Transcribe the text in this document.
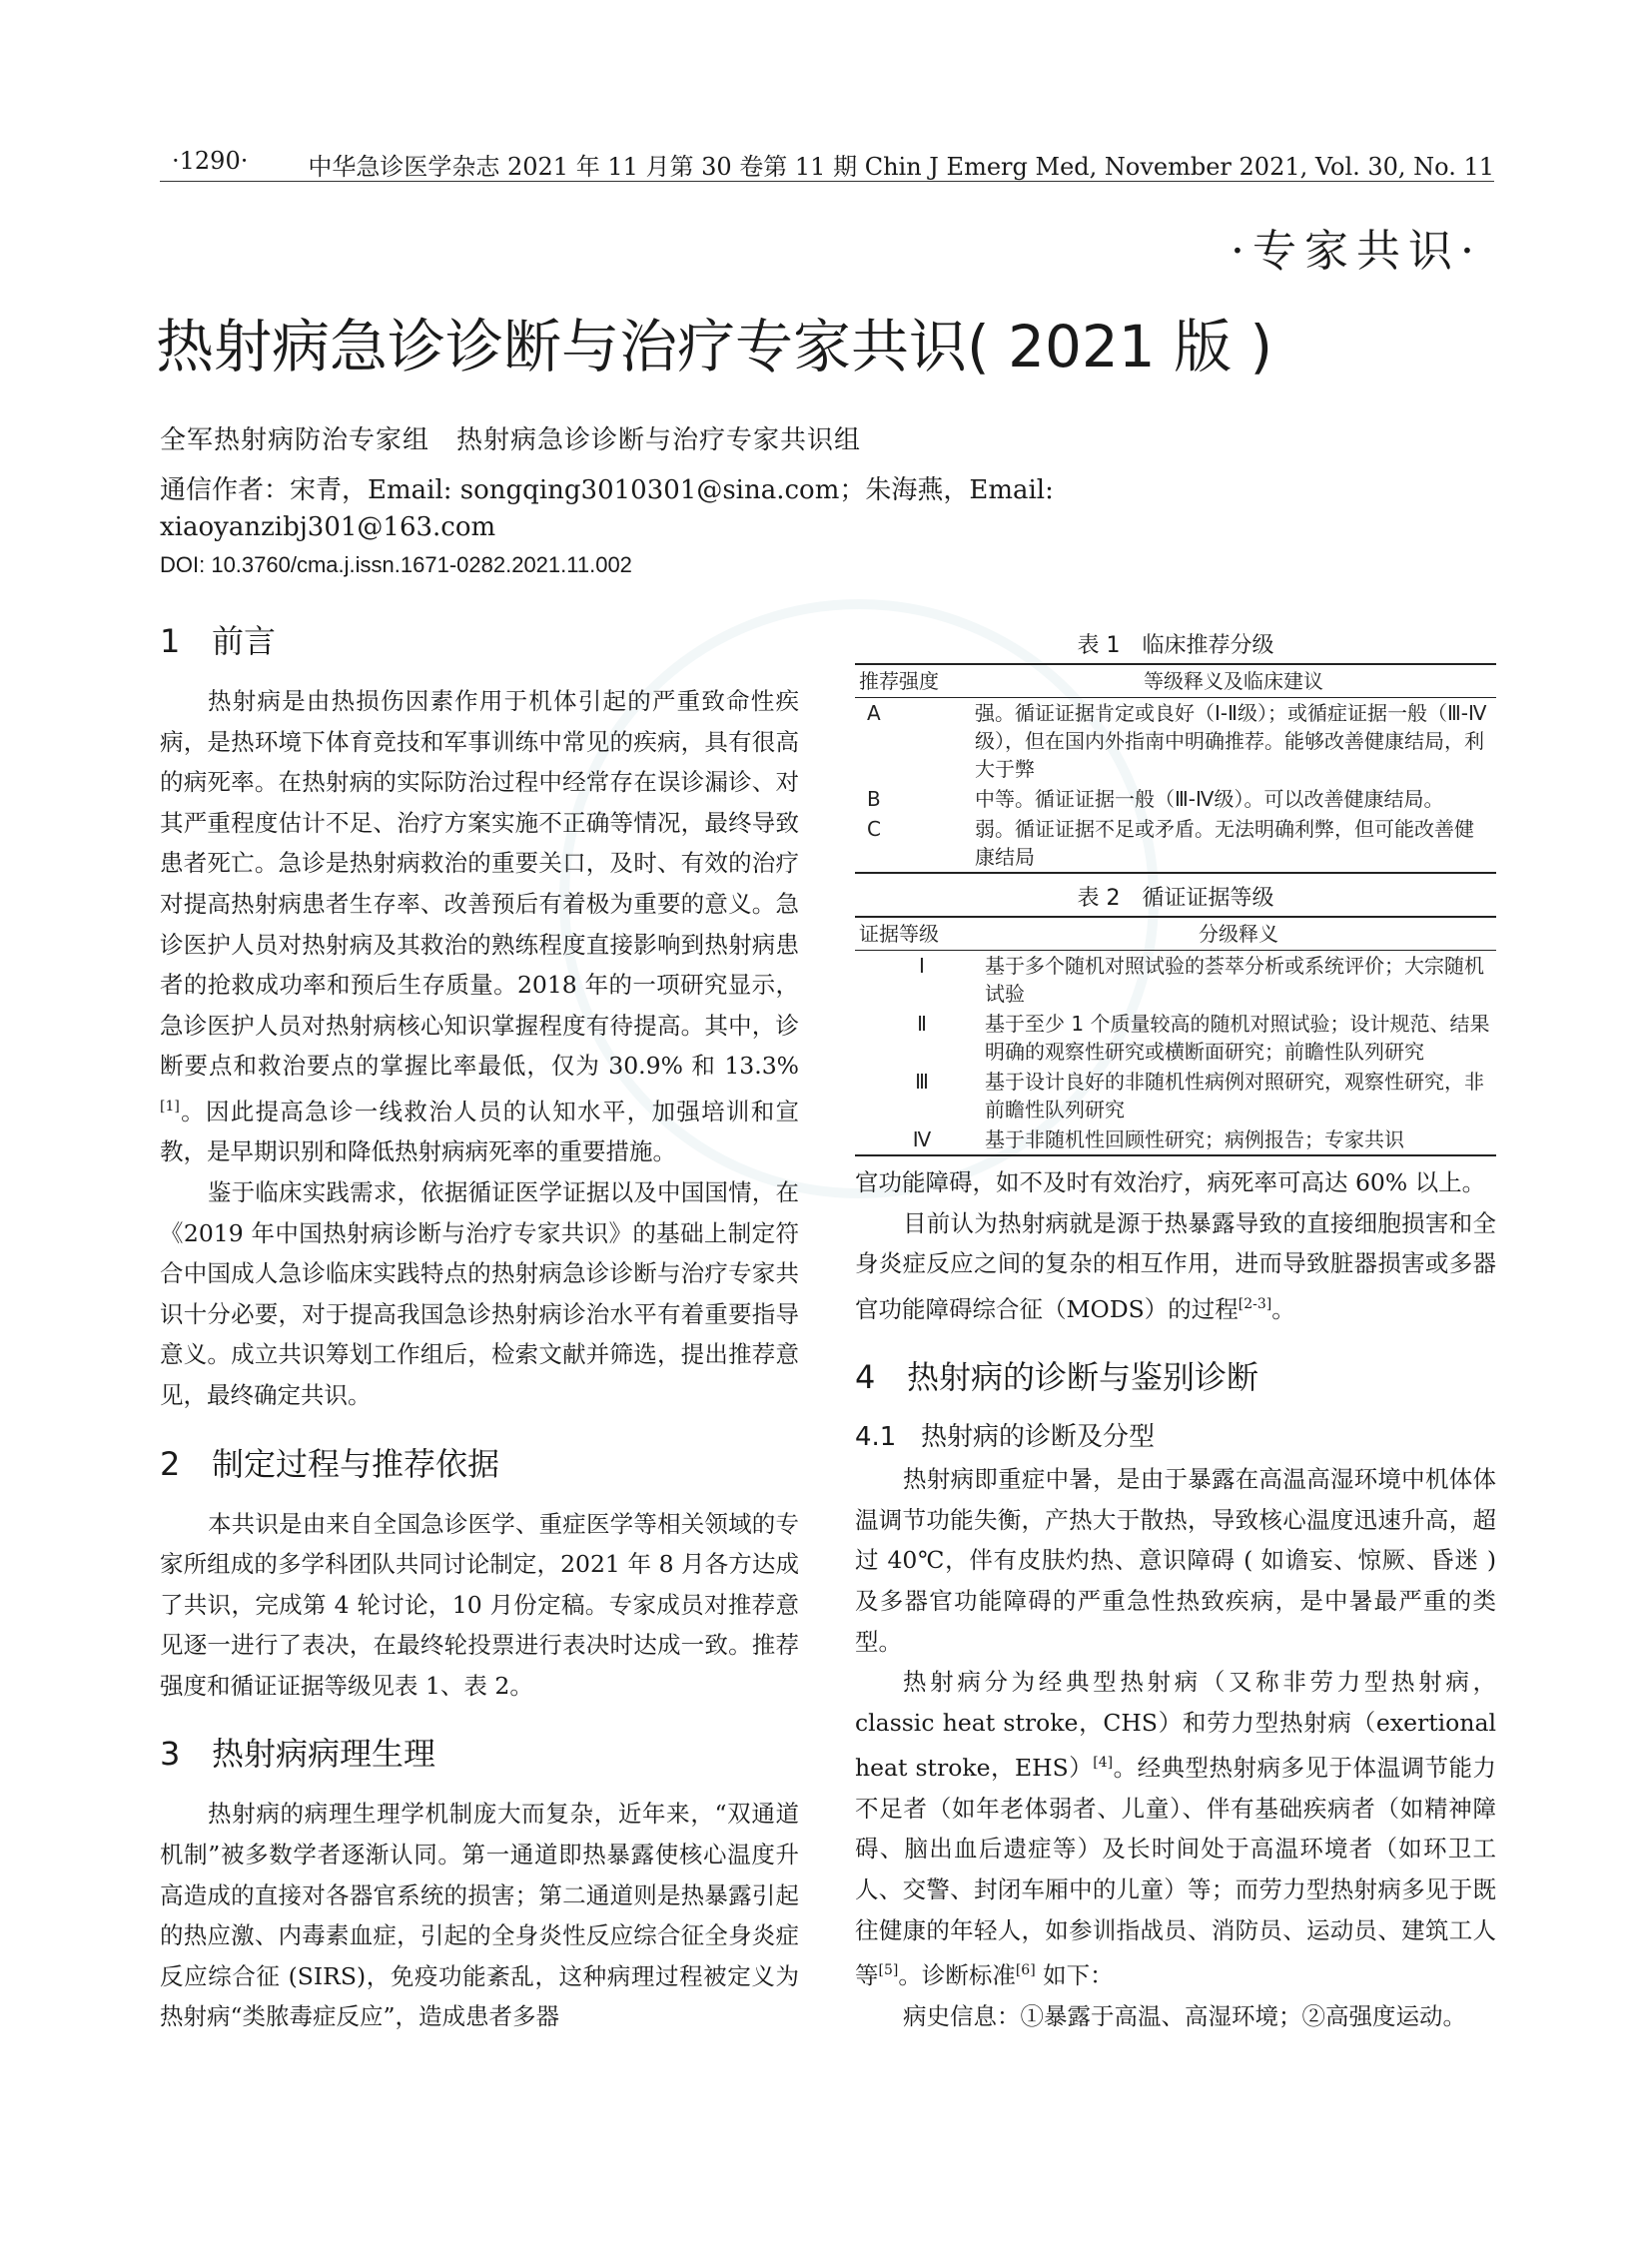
·1290·	中华急诊医学杂志 2021 年 11 月第 30 卷第 11 期 Chin J Emerg Med, November 2021, Vol. 30, No. 11
·专家共识·
热射病急诊诊断与治疗专家共识( 2021 版 )
全军热射病防治专家组　热射病急诊诊断与治疗专家共识组
通信作者：宋青，Email: songqing3010301@sina.com；朱海燕，Email:
xiaoyanzibj301@163.com
DOI: 10.3760/cma.j.issn.1671-0282.2021.11.002
1 前言

热射病是由热损伤因素作用于机体引起的严重致命性疾病，是热环境下体育竞技和军事训练中常见的疾病，具有很高的病死率。在热射病的实际防治过程中经常存在误诊漏诊、对其严重程度估计不足、治疗方案实施不正确等情况，最终导致患者死亡。急诊是热射病救治的重要关口，及时、有效的治疗对提高热射病患者生存率、改善预后有着极为重要的意义。急诊医护人员对热射病及其救治的熟练程度直接影响到热射病患者的抢救成功率和预后生存质量。2018 年的一项研究显示，急诊医护人员对热射病核心知识掌握程度有待提高。其中，诊断要点和救治要点的掌握比率最低，仅为 30.9% 和 13.3%[1]。因此提高急诊一线救治人员的认知水平，加强培训和宣教，是早期识别和降低热射病病死率的重要措施。

鉴于临床实践需求，依据循证医学证据以及中国国情，在《2019 年中国热射病诊断与治疗专家共识》的基础上制定符合中国成人急诊临床实践特点的热射病急诊诊断与治疗专家共识十分必要，对于提高我国急诊热射病诊治水平有着重要指导意义。成立共识筹划工作组后，检索文献并筛选，提出推荐意见，最终确定共识。

2 制定过程与推荐依据

本共识是由来自全国急诊医学、重症医学等相关领域的专家所组成的多学科团队共同讨论制定，2021 年 8 月各方达成了共识，完成第 4 轮讨论，10 月份定稿。专家成员对推荐意见逐一进行了表决，在最终轮投票进行表决时达成一致。推荐强度和循证证据等级见表 1、表 2。

3 热射病病理生理

热射病的病理生理学机制庞大而复杂，近年来，“双通道机制”被多数学者逐渐认同。第一通道即热暴露使核心温度升高造成的直接对各器官系统的损害；第二通道则是热暴露引起的热应激、内毒素血症，引起的全身炎性反应综合征全身炎症反应综合征 (SIRS)，免疫功能紊乱，这种病理过程被定义为热射病“类脓毒症反应”，造成患者多器

表 1　临床推荐分级
推荐强度	等级释义及临床建议
A	强。循证证据肯定或良好（Ⅰ-Ⅱ级）；或循症证据一般（Ⅲ-Ⅳ级），但在国内外指南中明确推荐。能够改善健康结局，利大于弊
B	中等。循证证据一般（Ⅲ-Ⅳ级）。可以改善健康结局。
C	弱。循证证据不足或矛盾。无法明确利弊，但可能改善健康结局
表 2　循证证据等级
证据等级	分级释义
Ⅰ	基于多个随机对照试验的荟萃分析或系统评价；大宗随机试验
Ⅱ	基于至少 1 个质量较高的随机对照试验；设计规范、结果明确的观察性研究或横断面研究；前瞻性队列研究
Ⅲ	基于设计良好的非随机性病例对照研究，观察性研究，非前瞻性队列研究
Ⅳ	基于非随机性回顾性研究；病例报告；专家共识

官功能障碍，如不及时有效治疗，病死率可高达 60% 以上。

目前认为热射病就是源于热暴露导致的直接细胞损害和全身炎症反应之间的复杂的相互作用，进而导致脏器损害或多器官功能障碍综合征（MODS）的过程[2-3]。

4 热射病的诊断与鉴别诊断
4.1 热射病的诊断及分型

热射病即重症中暑，是由于暴露在高温高湿环境中机体体温调节功能失衡，产热大于散热，导致核心温度迅速升高，超过 40℃，伴有皮肤灼热、意识障碍 ( 如谵妄、惊厥、昏迷 ) 及多器官功能障碍的严重急性热致疾病，是中暑最严重的类型。

热射病分为经典型热射病（又称非劳力型热射病，classic heat stroke，CHS）和劳力型热射病（exertional heat stroke，EHS）[4]。经典型热射病多见于体温调节能力不足者（如年老体弱者、儿童）、伴有基础疾病者（如精神障碍、脑出血后遗症等）及长时间处于高温环境者（如环卫工人、交警、封闭车厢中的儿童）等；而劳力型热射病多见于既往健康的年轻人，如参训指战员、消防员、运动员、建筑工人等[5]。诊断标准[6] 如下：

病史信息：①暴露于高温、高湿环境；②高强度运动。
